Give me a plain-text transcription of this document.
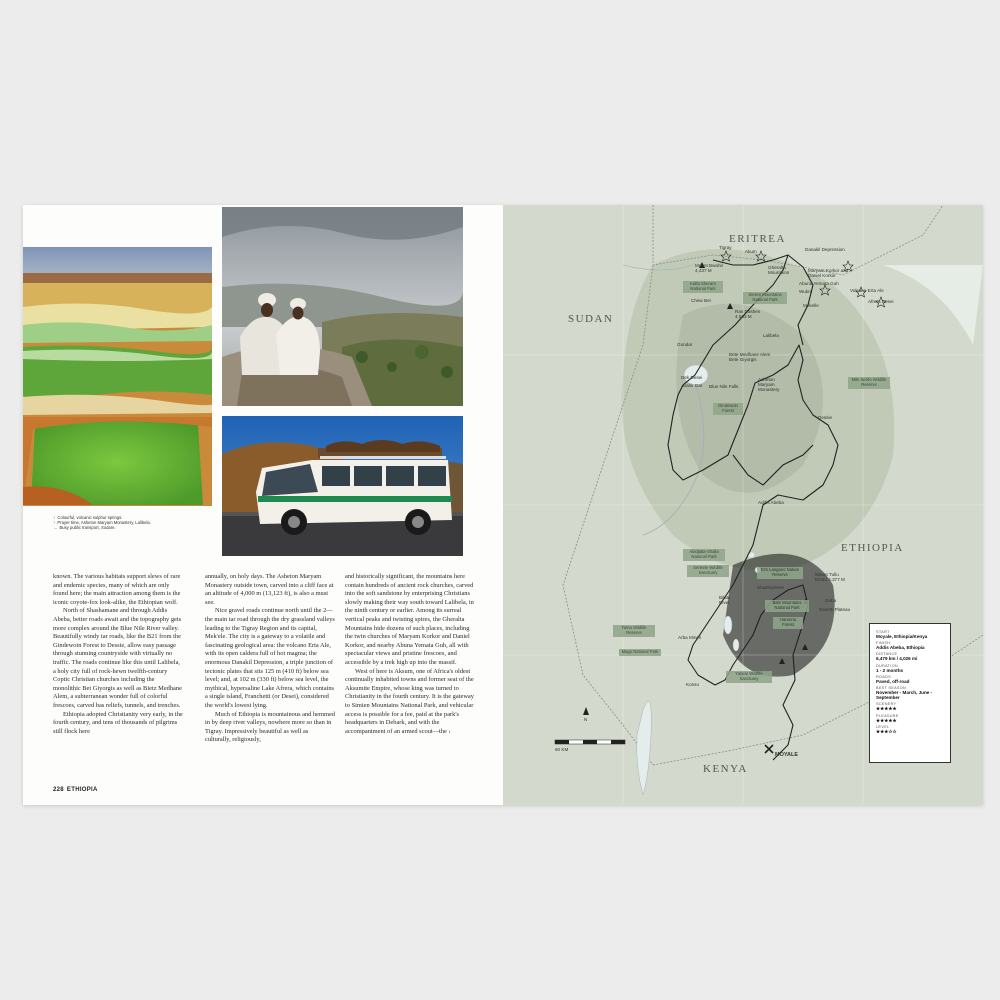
↑  Colourful, volcanic sulphur springs.
↑  Prayer time, Asheton Maryam Monastery, Lalibela.
→  Busy public transport, Sodare.

known. The various habitats support slews of rare and endemic species, many of which are only found here; the main attraction among them is the iconic coyote-fox look-alike, the Ethiopian wolf.

North of Shashamane and through Addis Abeba, better roads await and the topography gets more complex around the Blue Nile River valley. Beautifully windy tar roads, like the B21 from the Gindewoin Forest to Dessie, allow easy passage through stunning countryside with virtually no traffic. The roads continue like this until Lalibela, a holy city full of rock-hewn twelfth-century Coptic Christian churches including the monolithic Bet Giyorgis as well as Bietz Medhane Alem, a subterranean wonder full of colorful frescoes, carved bas reliefs, tunnels, and trenches.

Ethiopia adopted Christianity very early, in the fourth century, and tens of thousands of pilgrims still flock here

annually, on holy days. The Asheton Maryam Monastery outside town, carved into a cliff face at an altitude of 4,000 m (13,123 ft), is also a must see.

Nice gravel roads continue north until the 2—the main tar road through the dry grassland valleys leading to the Tigray Region and its capital, Mek'ele. The city is a gateway to a volatile and fascinating geological area: the volcano Erta Ale, with its open caldera full of hot magma; the enormous Danakil Depression, a triple junction of tectonic plates that sits 125 m (410 ft) below sea level; and, at 102 m (330 ft) below sea level, the mythical, hypersaline Lake Afrera, which contains a single island, Franchetti (or Desei), considered the world's lowest lying.

Much of Ethiopia is mountainous and hemmed in by deep river valleys, nowhere more so than in Tigray. Impressively beautiful as well as culturally, religiously,

and historically significant, the mountains here contain hundreds of ancient rock churches, carved into the soft sandstone by enterprising Christians slowly making their way south toward Lalibela, in the ninth century or earlier. Among its surreal vertical peaks and twisting spires, the Gheralta Mountains hide dozens of such places, including the twin churches of Maryam Korkor and Daniel Korkor, and nearby Abuna Yemata Guh, all with spectacular views and pristine frescoes, and accessible by a trek high up into the massif.

West of here is Aksum, one of Africa's oldest continually inhabited towns and former seat of the Aksumite Empire, whose king was turned to Christianity in the fourth century. It is the gateway to Simien Mountains National Park, and vehicular access is possible for a fee, paid at the park's headquarters in Debark, and with the accompaniment of an armed scout—the ›

228 ETHIOPIA
ERITREA
SUDAN
ETHIOPIA
KENYA
Tigray
Mount Bwahit 4,437 M
Akum	Danakil Depression
Gheralta Mountains	Maryam Korkor and Daniel Korkor
Abuna Yemata Guh
Wukro	Volcano Erta Ale
Afrera Desei
Mekelle
Chew Ber
Ras Dashen 4,533 M
Gondar
Lalibela
Bete Medhane Alem Bete Giyorgis
Dek Desei
Bahir Dar Blue Nile Falls
Asheton Maryam Monastery
Dessie
Addis Abeba
Shashamene
Bilate River
Arba Minch
Konso
Mount Tullu Dimtu 4,377 M
Goba
Sanetti Plateau
MOYALE
Kafta Sheraro National Park
Simien Mountains National Park
Gindewoin Forest
Mile Serdo Wildlife Reserve
Abidjatta-Shalla National Park
Senkele Wildlife Sanctuary
Tama Wildlife Reserve
Mago National Park
Yabelo Wildlife Sanctuary
Bale Mountains National Park
Harenna Forest
Ezn Langano Nature Reserve
60 KM
N
START
Moyale, Ethiopia/Kenya
FINISH
Addis Abeba, Ethiopia
DISTANCE
6,479 km / 4,026 mi
DURATION
1 - 2 months
ROADS
Paved, off-road
BEST SEASON
November - March, June - September
SCENERY
★★★★★
PLEASURE
★★★★★
LEVEL
★★★☆☆
